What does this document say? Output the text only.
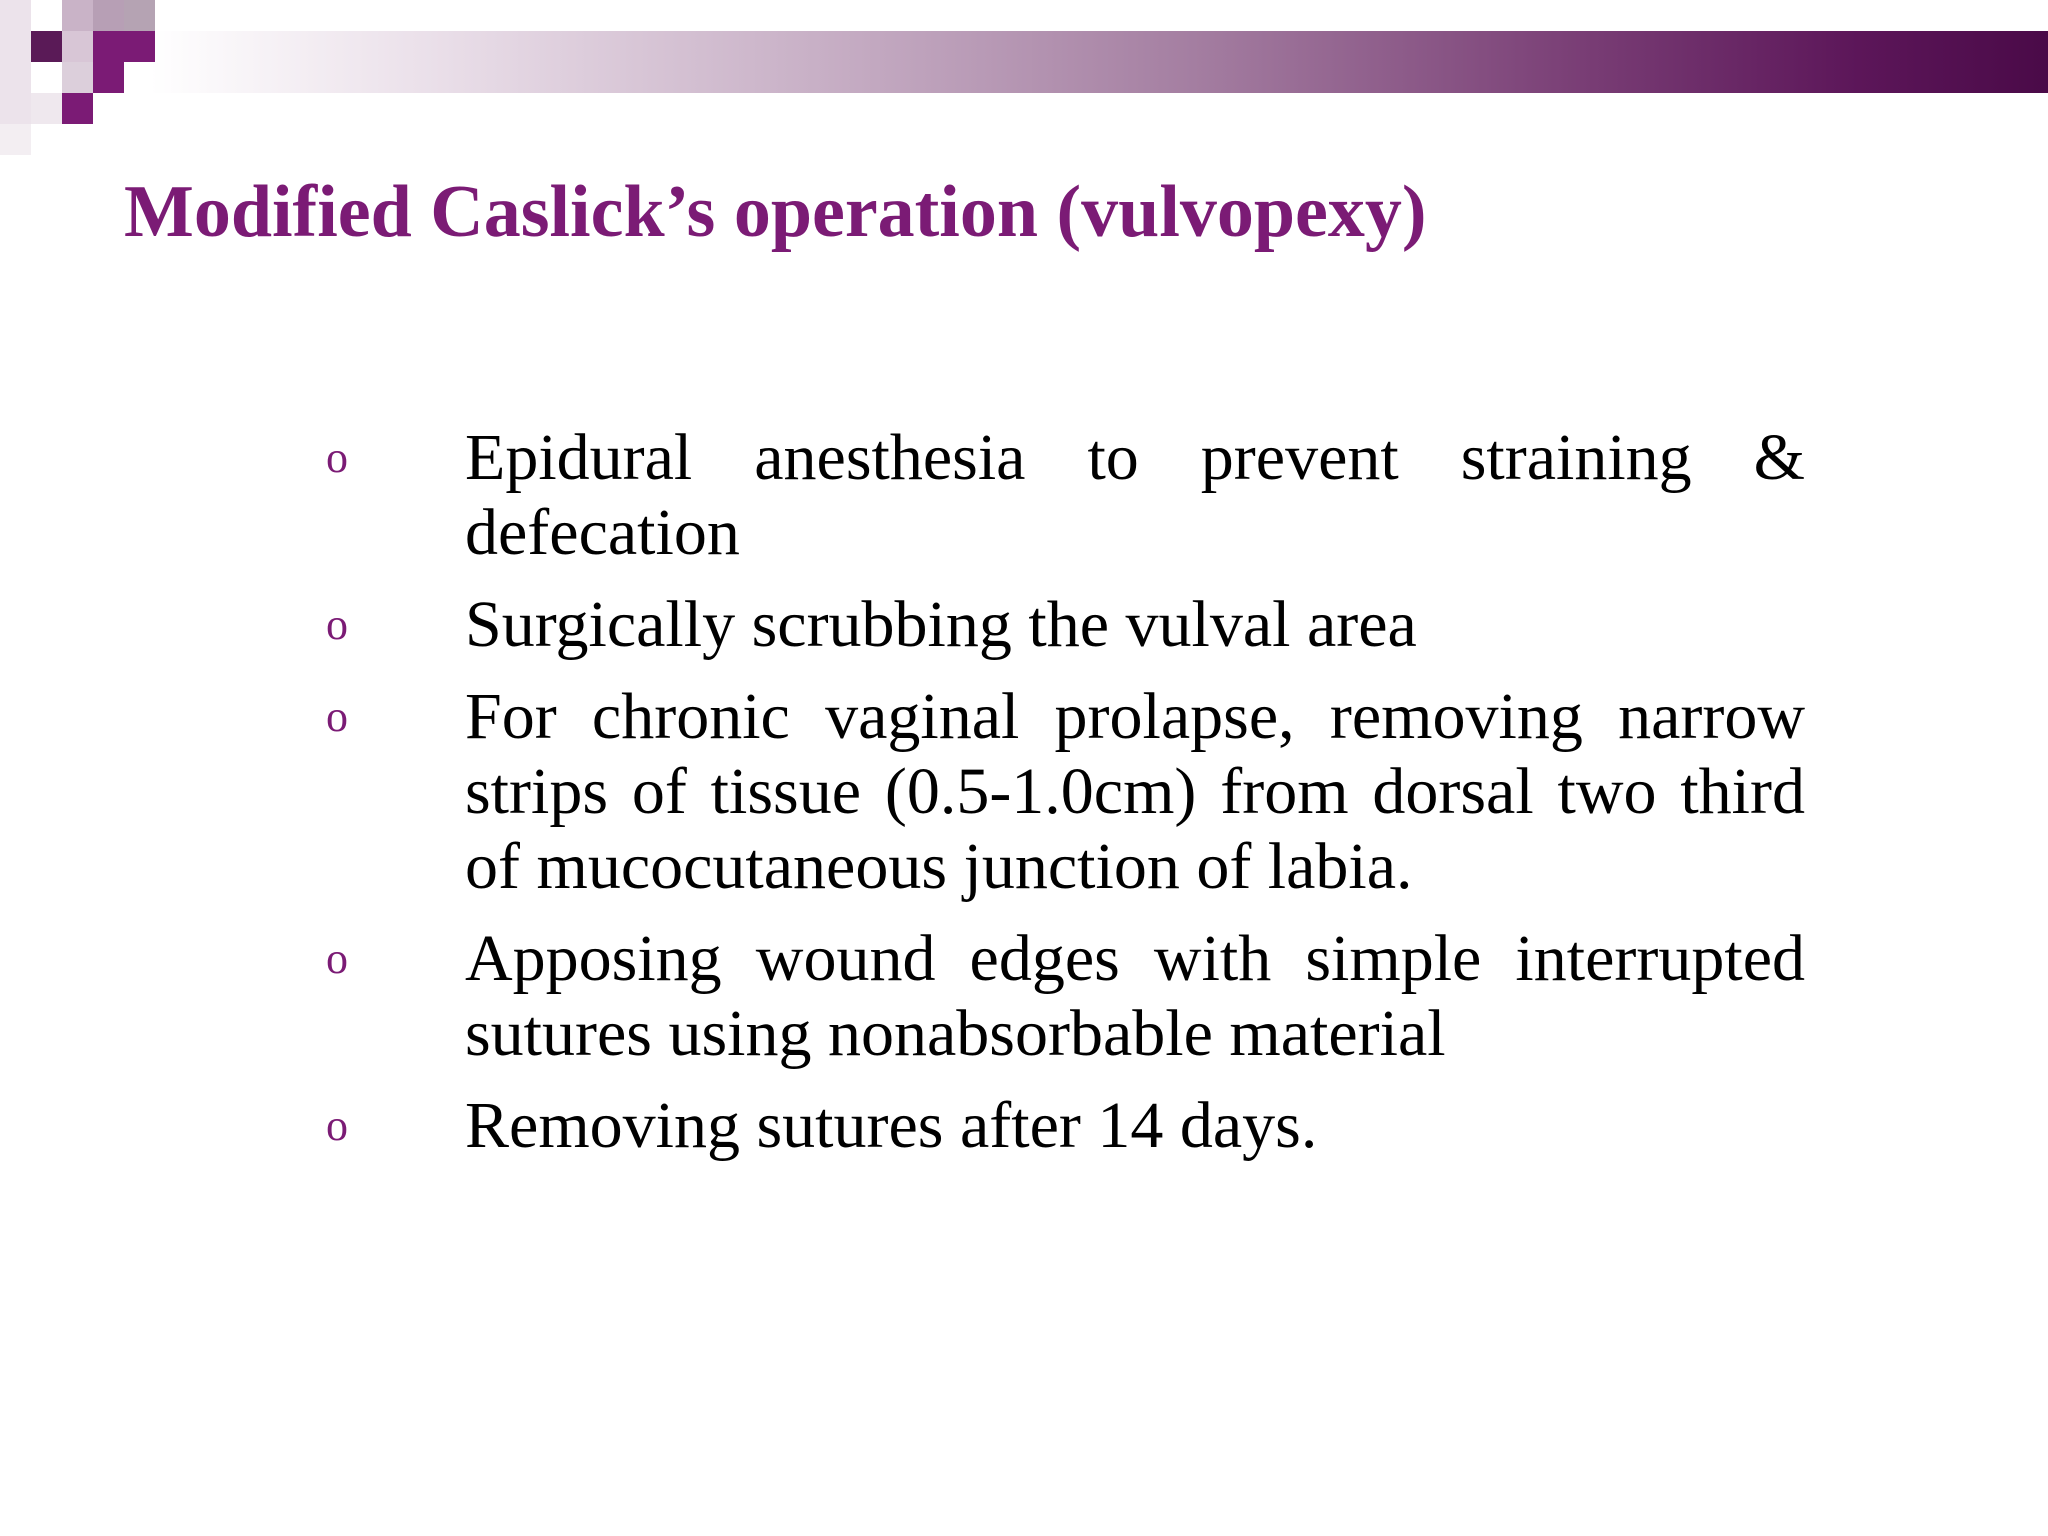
Modified Caslick’s operation (vulvopexy)
o Epidural anesthesia to prevent straining & defecation
o Surgically scrubbing the vulval area
o For chronic vaginal prolapse, removing narrow strips of tissue (0.5-1.0cm) from dorsal two third of mucocutaneous junction of labia.
o Apposing wound edges with simple interrupted sutures using nonabsorbable material
o Removing sutures after 14 days.
